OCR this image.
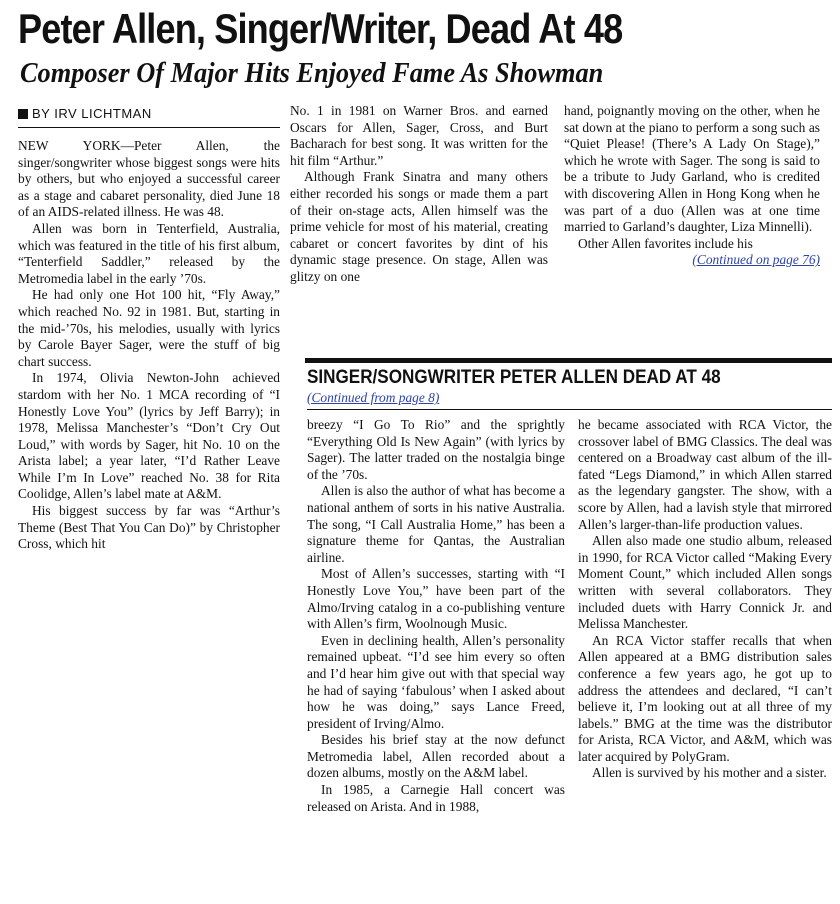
Peter Allen, Singer/Writer, Dead At 48
Composer Of Major Hits Enjoyed Fame As Showman
BY IRV LICHTMAN

NEW YORK—Peter Allen, the singer/songwriter whose biggest songs were hits by others, but who enjoyed a successful career as a stage and cabaret personality, died June 18 of an AIDS-related illness. He was 48.

Allen was born in Tenterfield, Australia, which was featured in the title of his first album, “Tenterfield Saddler,” released by the Metromedia label in the early ’70s.

He had only one Hot 100 hit, “Fly Away,” which reached No. 92 in 1981. But, starting in the mid-’70s, his melodies, usually with lyrics by Carole Bayer Sager, were the stuff of big chart success.

In 1974, Olivia Newton-John achieved stardom with her No. 1 MCA recording of “I Honestly Love You” (lyrics by Jeff Barry); in 1978, Melissa Manchester’s “Don’t Cry Out Loud,” with words by Sager, hit No. 10 on the Arista label; a year later, “I’d Rather Leave While I’m In Love” reached No. 38 for Rita Coolidge, Allen’s label mate at A&M.

His biggest success by far was “Arthur’s Theme (Best That You Can Do)” by Christopher Cross, which hit

No. 1 in 1981 on Warner Bros. and earned Oscars for Allen, Sager, Cross, and Burt Bacharach for best song. It was written for the hit film “Arthur.”

Although Frank Sinatra and many others either recorded his songs or made them a part of their on-stage acts, Allen himself was the prime vehicle for most of his material, creating cabaret or concert favorites by dint of his dynamic stage presence. On stage, Allen was glitzy on one

hand, poignantly moving on the other, when he sat down at the piano to perform a song such as “Quiet Please! (There’s A Lady On Stage),” which he wrote with Sager. The song is said to be a tribute to Judy Garland, who is credited with discovering Allen in Hong Kong when he was part of a duo (Allen was at one time married to Garland’s daughter, Liza Minnelli).

Other Allen favorites include his

(Continued on page 76)

SINGER/SONGWRITER PETER ALLEN DEAD AT 48
(Continued from page 8)

breezy “I Go To Rio” and the sprightly “Everything Old Is New Again” (with lyrics by Sager). The latter traded on the nostalgia binge of the ’70s.

Allen is also the author of what has become a national anthem of sorts in his native Australia. The song, “I Call Australia Home,” has been a signature theme for Qantas, the Australian airline.

Most of Allen’s successes, starting with “I Honestly Love You,” have been part of the Almo/Irving catalog in a co-publishing venture with Allen’s firm, Woolnough Music.

Even in declining health, Allen’s personality remained upbeat. “I’d see him every so often and I’d hear him give out with that special way he had of saying ‘fabulous’ when I asked about how he was doing,” says Lance Freed, president of Irving/Almo.

Besides his brief stay at the now defunct Metromedia label, Allen recorded about a dozen albums, mostly on the A&M label.

In 1985, a Carnegie Hall concert was released on Arista. And in 1988,

he became associated with RCA Victor, the crossover label of BMG Classics. The deal was centered on a Broadway cast album of the ill-fated “Legs Diamond,” in which Allen starred as the legendary gangster. The show, with a score by Allen, had a lavish style that mirrored Allen’s larger-than-life production values.

Allen also made one studio album, released in 1990, for RCA Victor called “Making Every Moment Count,” which included Allen songs written with several collaborators. They included duets with Harry Connick Jr. and Melissa Manchester.

An RCA Victor staffer recalls that when Allen appeared at a BMG distribution sales conference a few years ago, he got up to address the attendees and declared, “I can’t believe it, I’m looking out at all three of my labels.” BMG at the time was the distributor for Arista, RCA Victor, and A&M, which was later acquired by PolyGram.

Allen is survived by his mother and a sister.
